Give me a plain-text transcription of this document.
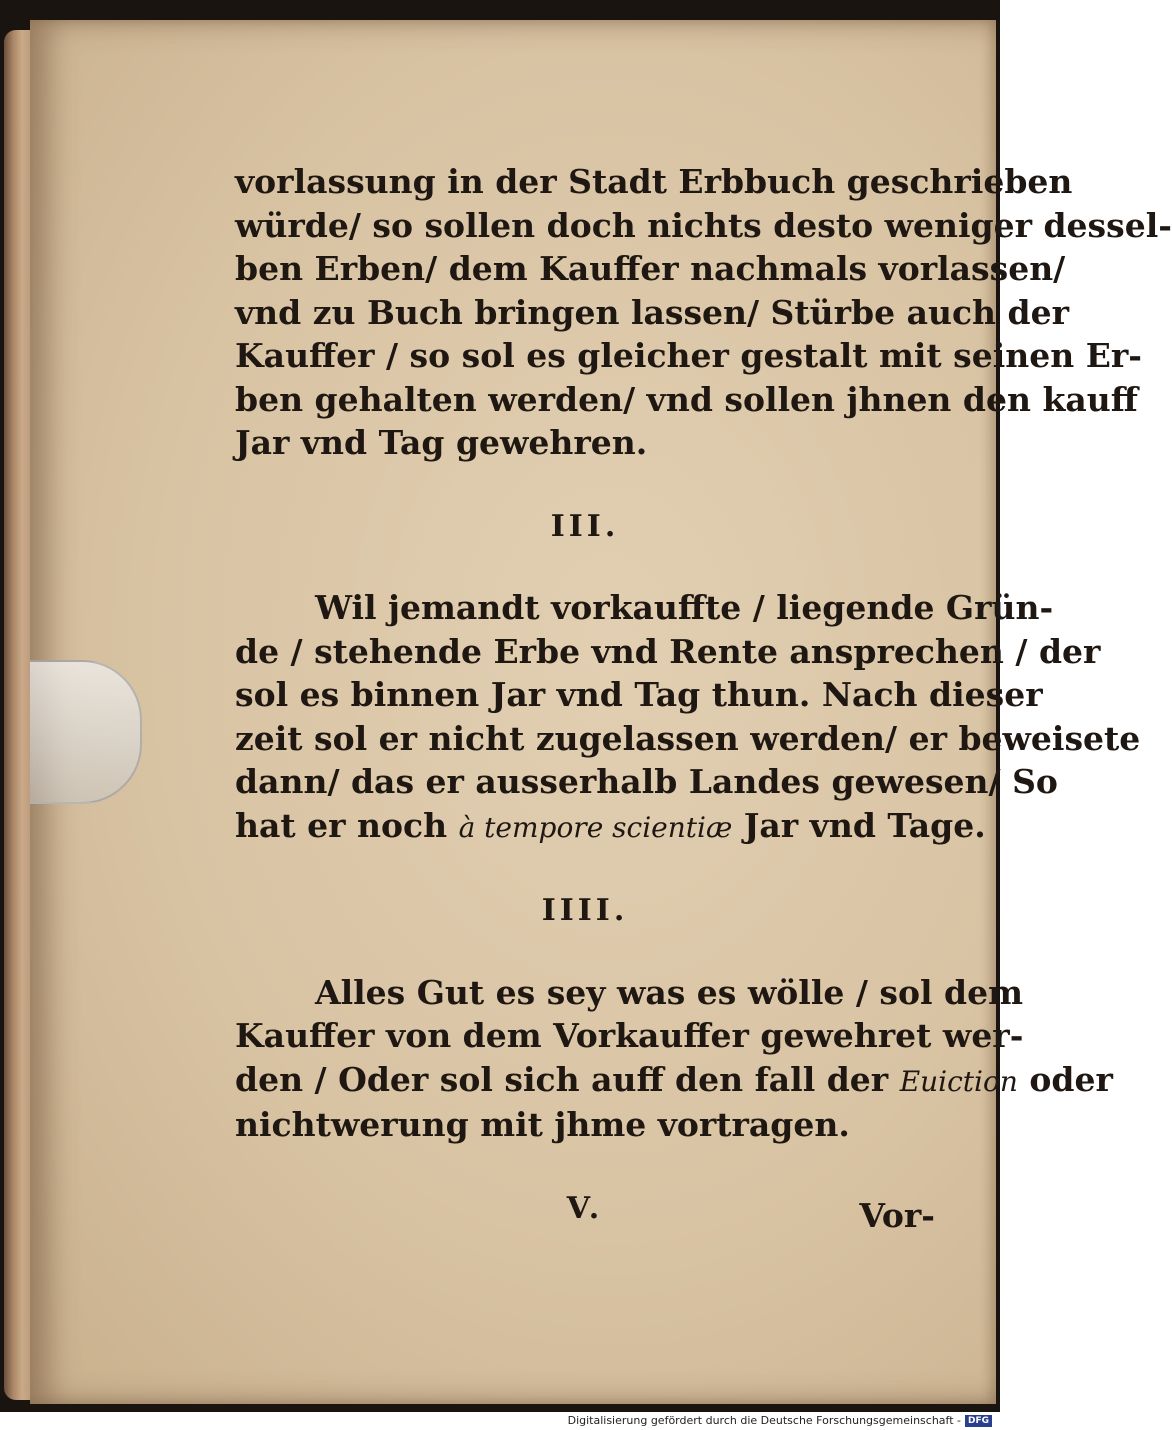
vorlassung in der Stadt Erbbuch geschrieben
würde/ so sollen doch nichts desto weniger dessel-
ben Erben/ dem Kauffer nachmals vorlassen/
vnd zu Buch bringen lassen/ Stürbe auch der
Kauffer / so sol es gleicher gestalt mit seinen Er-
ben gehalten werden/ vnd sollen jhnen den kauff
Jar vnd Tag gewehren.
III.
Wil jemandt vorkauffte / liegende Grün-
de / stehende Erbe vnd Rente ansprechen / der
sol es binnen Jar vnd Tag thun. Nach dieser
zeit sol er nicht zugelassen werden/ er beweisete
dann/ das er ausserhalb Landes gewesen/ So
hat er noch à tempore scientiæ Jar vnd Tage.
IIII.
Alles Gut es sey was es wölle / sol dem
Kauffer von dem Vorkauffer gewehret wer-
den / Oder sol sich auff den fall der Euiction oder
nichtwerung mit jhme vortragen.
V.	Vor-
Digitalisierung gefördert durch die Deutsche Forschungsgemeinschaft - DFG
